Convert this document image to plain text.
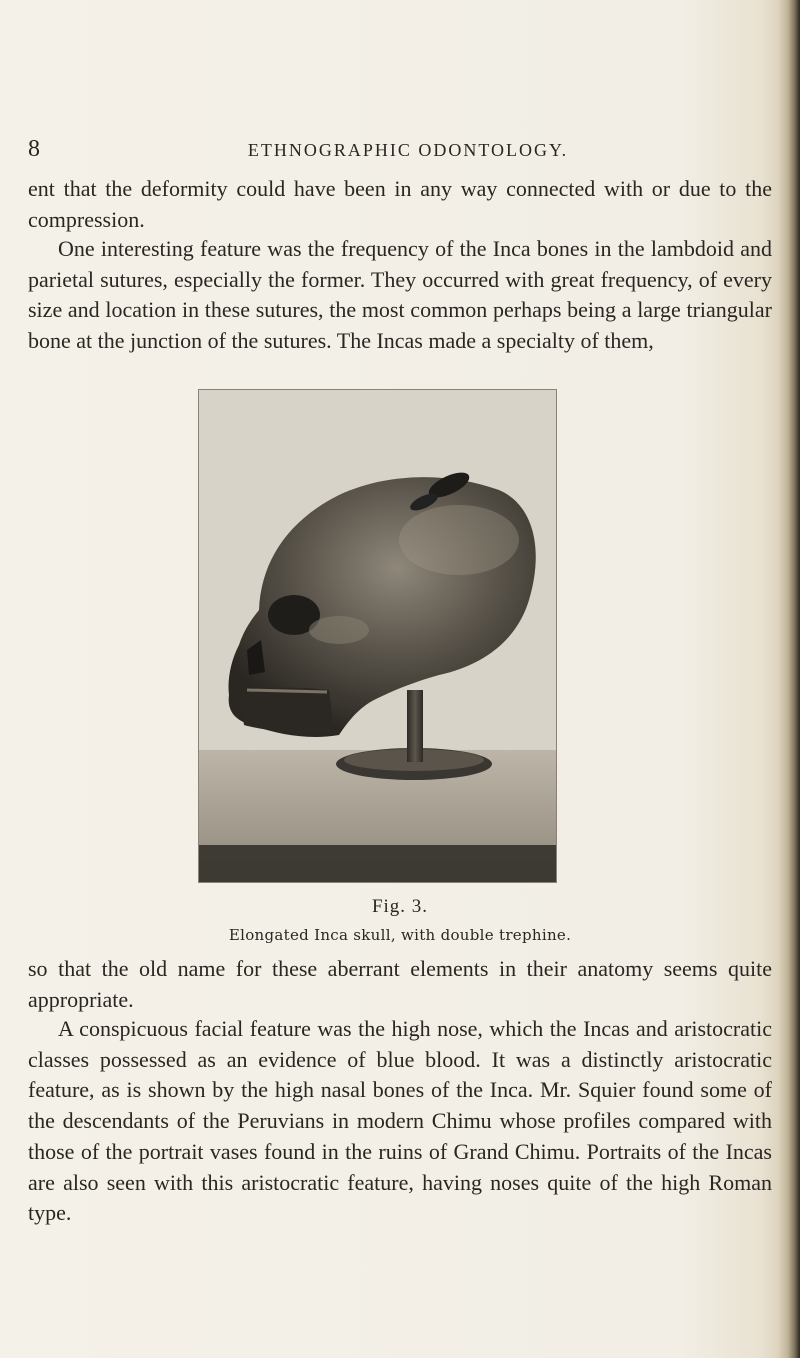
8	ETHNOGRAPHIC ODONTOLOGY.

ent that the deformity could have been in any way connected with or due to the compression.

One interesting feature was the frequency of the Inca bones in the lambdoid and parietal sutures, especially the former. They occurred with great frequency, of every size and location in these sutures, the most common perhaps being a large triangular bone at the junction of the sutures. The Incas made a specialty of them,

Fig. 3.
Elongated Inca skull, with double trephine.

so that the old name for these aberrant elements in their anatomy seems quite appropriate.

A conspicuous facial feature was the high nose, which the Incas and aristocratic classes possessed as an evidence of blue blood. It was a distinctly aristocratic feature, as is shown by the high nasal bones of the Inca. Mr. Squier found some of the descendants of the Peruvians in modern Chimu whose profiles compared with those of the portrait vases found in the ruins of Grand Chimu. Portraits of the Incas are also seen with this aristocratic feature, having noses quite of the high Roman type.
